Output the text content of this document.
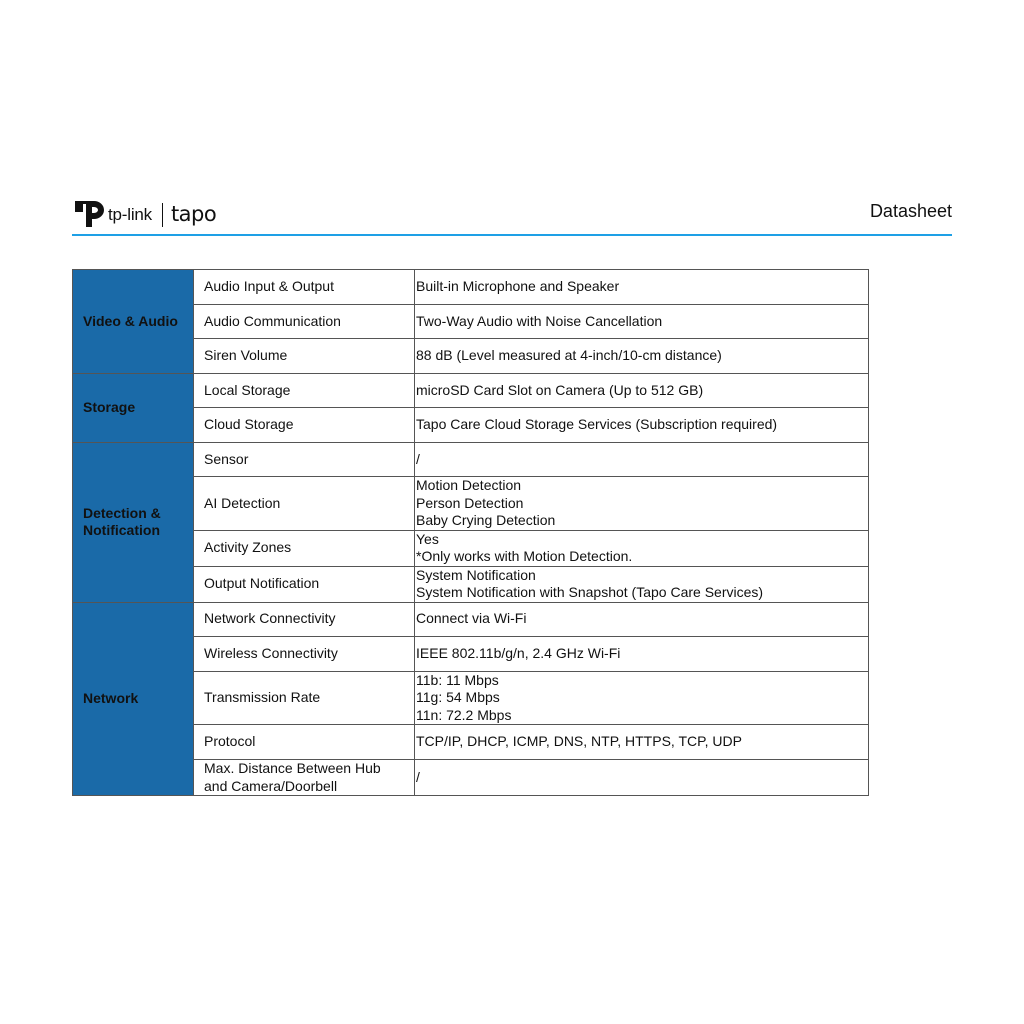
tp-link tapo	Datasheet
Video & Audio	Audio Input & Output	Built-in Microphone and Speaker

	Audio Communication	Two-Way Audio with Noise Cancellation

	Siren Volume	88 dB (Level measured at 4-inch/10-cm distance)

Storage	Local Storage	microSD Card Slot on Camera (Up to 512 GB)

	Cloud Storage	Tapo Care Cloud Storage Services (Subscription required)

Detection & Notification	Sensor	/

	AI Detection	Motion Detection
Person Detection
Baby Crying Detection

	Activity Zones	Yes
*Only works with Motion Detection.

	Output Notification	System Notification
System Notification with Snapshot (Tapo Care Services)

Network	Network Connectivity	Connect via Wi-Fi

	Wireless Connectivity	IEEE 802.11b/g/n, 2.4 GHz Wi-Fi

	Transmission Rate	11b: 11 Mbps
11g: 54 Mbps
11n: 72.2 Mbps

	Protocol	TCP/IP, DHCP, ICMP, DNS, NTP, HTTPS, TCP, UDP

	Max. Distance Between Hub
and Camera/Doorbell	/
